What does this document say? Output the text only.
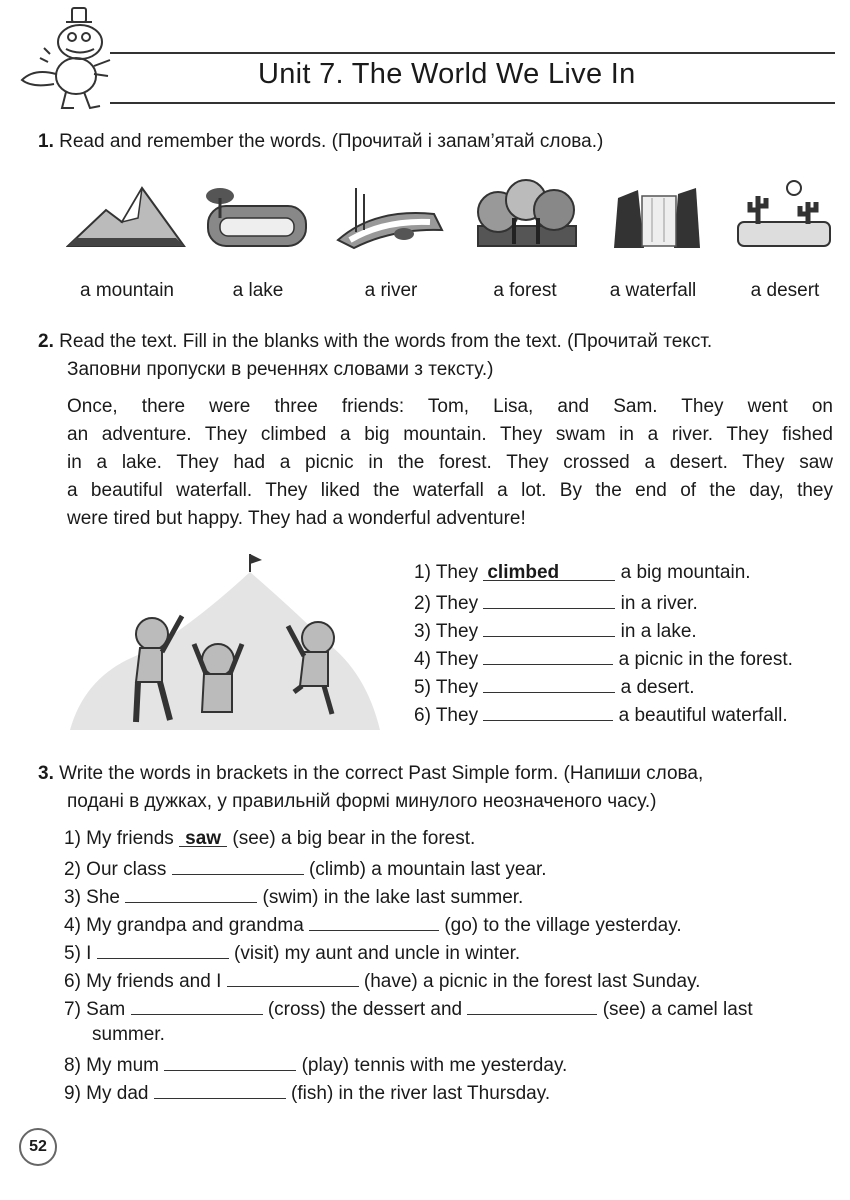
Unit 7. The World We Live In
1. Read and remember the words. (Прочитай і запам’ятай слова.)
a mountain	a lake	a river	a forest	a waterfall	a desert
2. Read the text. Fill in the blanks with the words from the text. (Прочитай текст.
Заповни пропуски в реченнях словами з тексту.)
Once, there were three friends: Tom, Lisa, and Sam. They went on
an adventure. They climbed a big mountain. They swam in a river. They fished
in a lake. They had a picnic in the forest. They crossed a desert. They saw
a beautiful waterfall. They liked the waterfall a lot. By the end of the day, they
were tired but happy. They had a wonderful adventure!
1) They climbed	a big mountain.
2) They	in a river.
3) They	in a lake.
4) They	a picnic in the forest.
5) They	a desert.
6) They	a beautiful waterfall.
3. Write the words in brackets in the correct Past Simple form. (Напиши слова,
подані в дужках, у правильній формі минулого неозначеного часу.)
1) My friends saw (see) a big bear in the forest.
2) Our class	(climb) a mountain last year.
3) She	(swim) in the lake last summer.
4) My grandpa and grandma	(go) to the village yesterday.
5) I	(visit) my aunt and uncle in winter.
6) My friends and I	(have) a picnic in the forest last Sunday.
7) Sam	(cross) the dessert and	(see) a camel last
summer.
8) My mum	(play) tennis with me yesterday.
9) My dad	(fish) in the river last Thursday.
52
